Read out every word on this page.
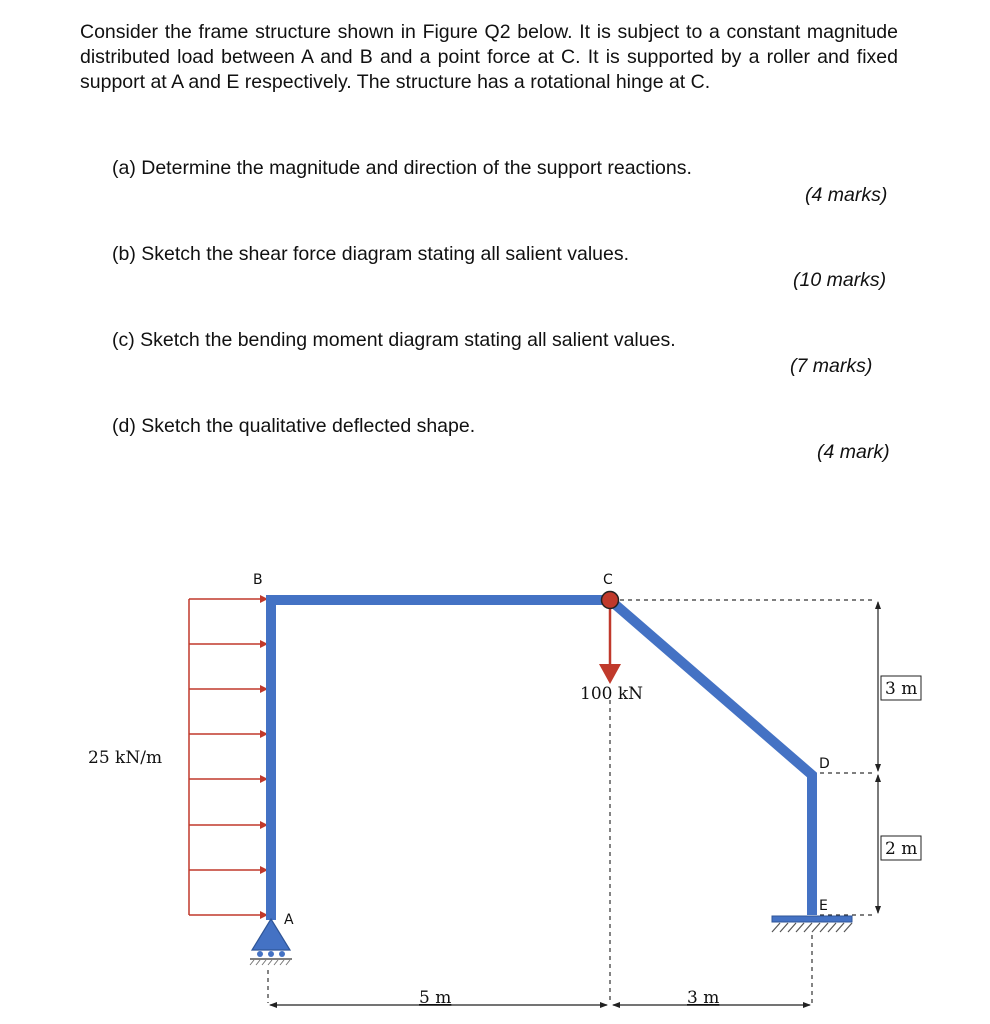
Consider the frame structure shown in Figure Q2 below. It is subject to a constant magnitude distributed load between A and B and a point force at C. It is supported by a roller and fixed support at A and E respectively. The structure has a rotational hinge at C.

(a) Determine the magnitude and direction of the support reactions.

(4 marks)

(b) Sketch the shear force diagram stating all salient values.

(10 marks)

(c) Sketch the bending moment diagram stating all salient values.

(7 marks)

(d) Sketch the qualitative deflected shape.

(4 mark)

B	C
D
E
A
25 kN/m
100 kN
5 m	3 m
3 m
2 m
